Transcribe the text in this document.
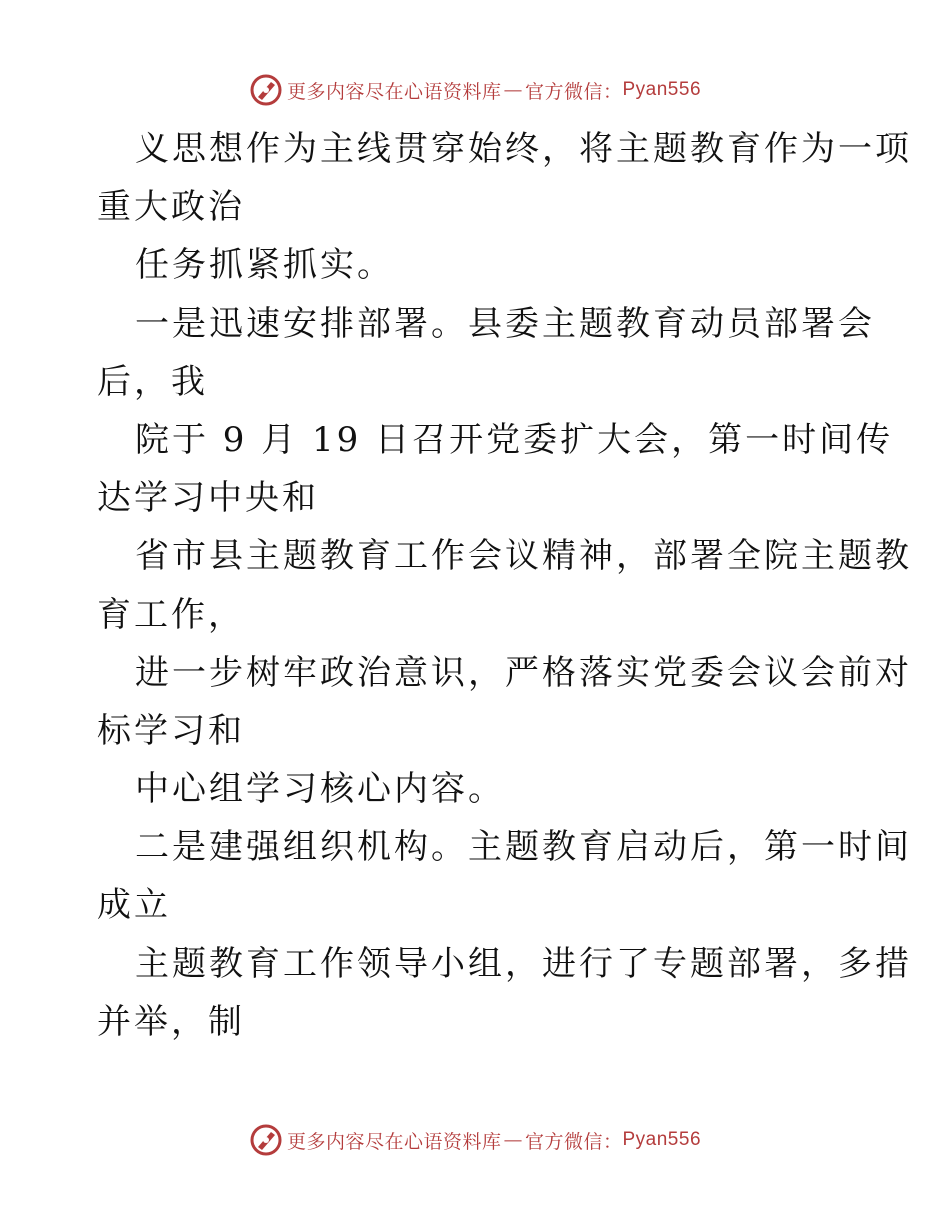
更多内容尽在心语资料库 — 官方微信： Pyan556
义思想作为主线贯穿始终，将主题教育作为一项
重大政治
任务抓紧抓实。
一是迅速安排部署。县委主题教育动员部署会
后，我
院于 9 月 19 日召开党委扩大会，第一时间传
达学习中央和
省市县主题教育工作会议精神，部署全院主题教
育工作，
进一步树牢政治意识，严格落实党委会议会前对
标学习和
中心组学习核心内容。
二是建强组织机构。主题教育启动后，第一时间
成立
主题教育工作领导小组，进行了专题部署，多措
并举，制
更多内容尽在心语资料库 — 官方微信： Pyan556
